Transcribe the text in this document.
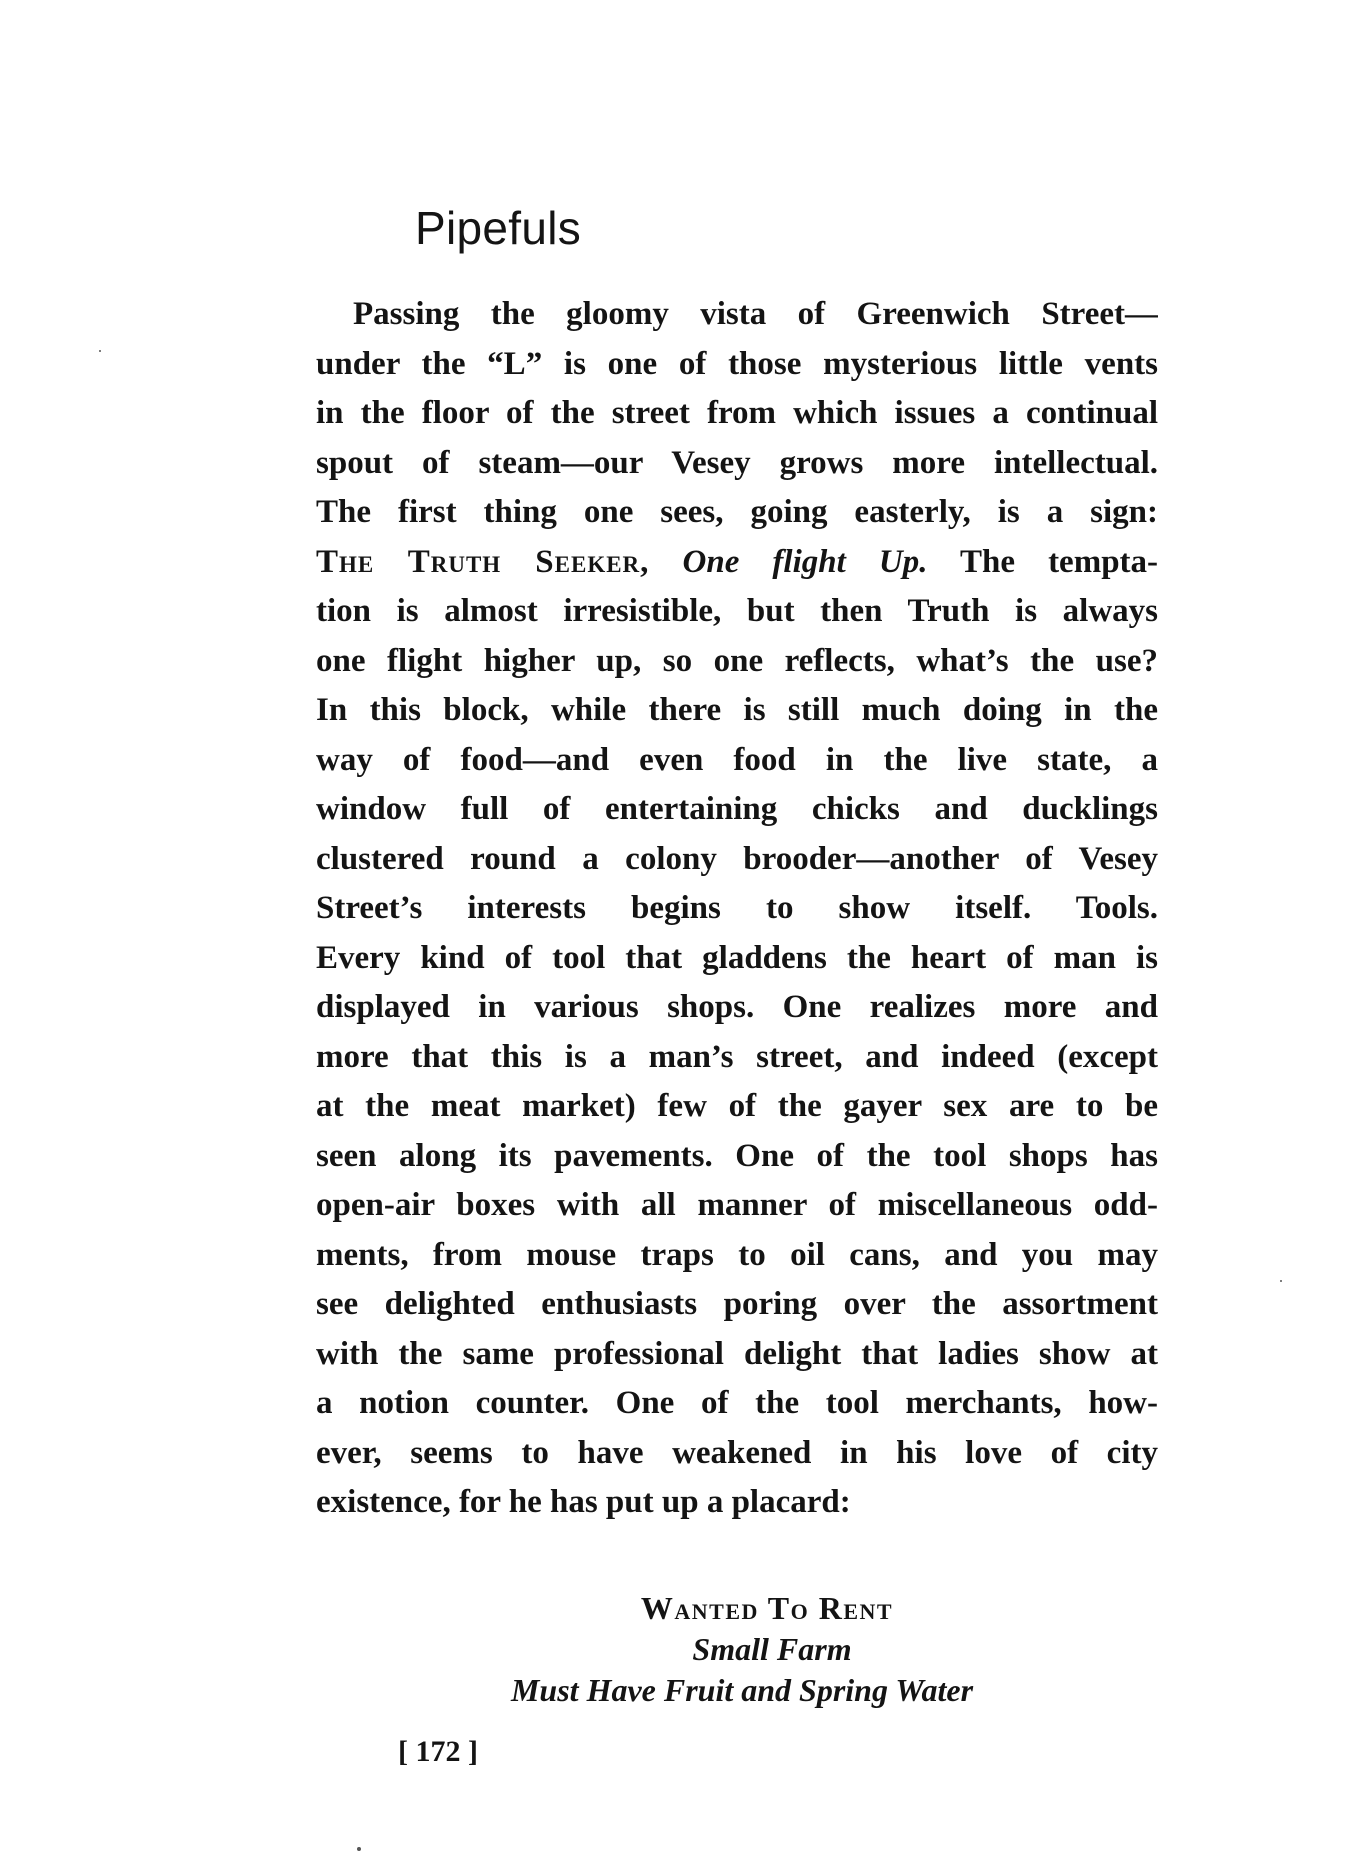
Pipefuls
Passing the gloomy vista of Greenwich Street—
under the “L” is one of those mysterious little vents
in the floor of the street from which issues a continual
spout of steam—our Vesey grows more intellectual.
The first thing one sees, going easterly, is a sign:
The Truth Seeker, One flight Up. The tempta-
tion is almost irresistible, but then Truth is always
one flight higher up, so one reflects, what’s the use?
In this block, while there is still much doing in the
way of food—and even food in the live state, a
window full of entertaining chicks and ducklings
clustered round a colony brooder—another of Vesey
Street’s interests begins to show itself. Tools.
Every kind of tool that gladdens the heart of man is
displayed in various shops. One realizes more and
more that this is a man’s street, and indeed (except
at the meat market) few of the gayer sex are to be
seen along its pavements. One of the tool shops has
open-air boxes with all manner of miscellaneous odd-
ments, from mouse traps to oil cans, and you may
see delighted enthusiasts poring over the assortment
with the same professional delight that ladies show at
a notion counter. One of the tool merchants, how-
ever, seems to have weakened in his love of city
existence, for he has put up a placard:
Wanted To Rent
Small Farm
Must Have Fruit and Spring Water
[ 172 ]
